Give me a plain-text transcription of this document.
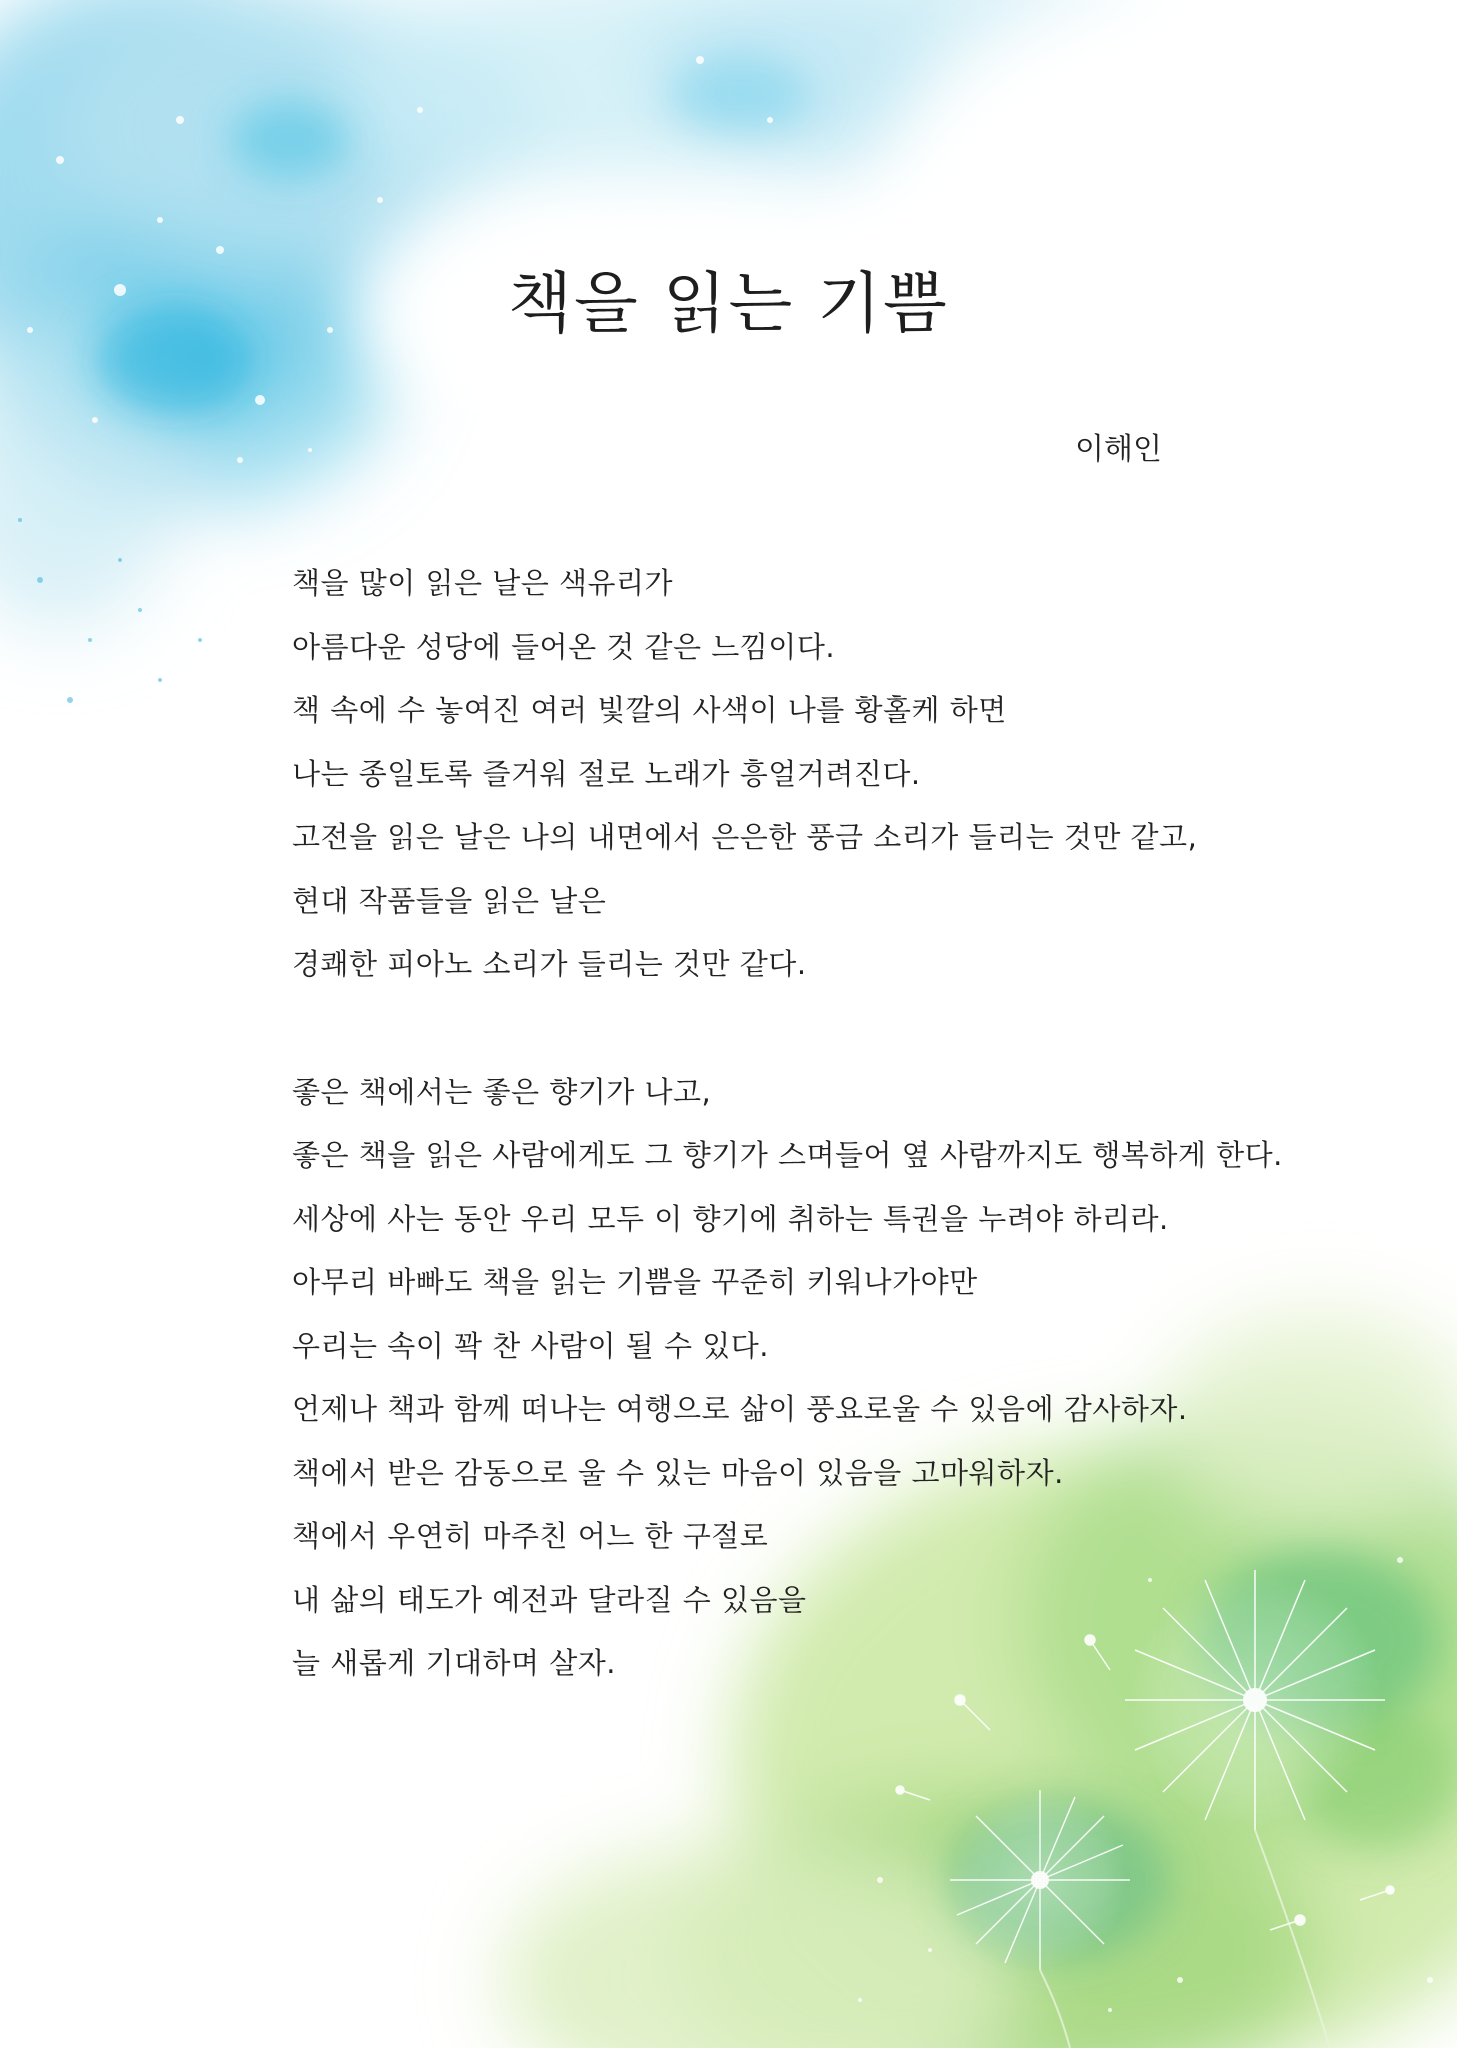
책을 읽는 기쁨
이해인
책을 많이 읽은 날은 색유리가
아름다운 성당에 들어온 것 같은 느낌이다.
책 속에 수 놓여진 여러 빛깔의 사색이 나를 황홀케 하면
나는 종일토록 즐거워 절로 노래가 흥얼거려진다.
고전을 읽은 날은 나의 내면에서 은은한 풍금 소리가 들리는 것만 같고,
현대 작품들을 읽은 날은
경쾌한 피아노 소리가 들리는 것만 같다.
좋은 책에서는 좋은 향기가 나고,
좋은 책을 읽은 사람에게도 그 향기가 스며들어 옆 사람까지도 행복하게 한다.
세상에 사는 동안 우리 모두 이 향기에 취하는 특권을 누려야 하리라.
아무리 바빠도 책을 읽는 기쁨을 꾸준히 키워나가야만
우리는 속이 꽉 찬 사람이 될 수 있다.
언제나 책과 함께 떠나는 여행으로 삶이 풍요로울 수 있음에 감사하자.
책에서 받은 감동으로 울 수 있는 마음이 있음을 고마워하자.
책에서 우연히 마주친 어느 한 구절로
내 삶의 태도가 예전과 달라질 수 있음을
늘 새롭게 기대하며 살자.
